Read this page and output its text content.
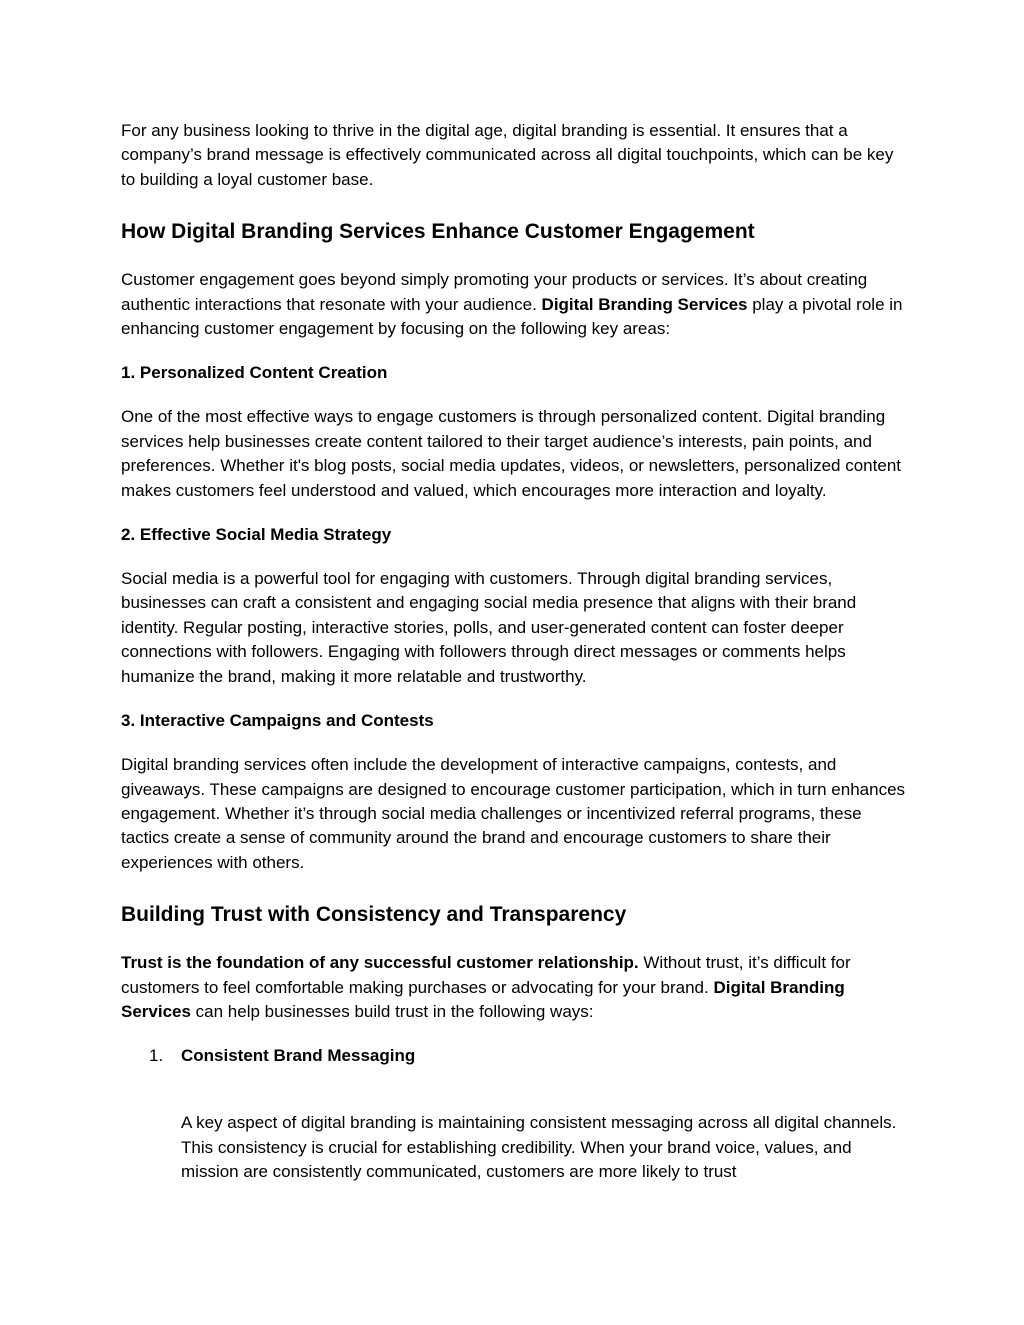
For any business looking to thrive in the digital age, digital branding is essential. It ensures that a company’s brand message is effectively communicated across all digital touchpoints, which can be key to building a loyal customer base.

How Digital Branding Services Enhance Customer Engagement

Customer engagement goes beyond simply promoting your products or services. It’s about creating authentic interactions that resonate with your audience. Digital Branding Services play a pivotal role in enhancing customer engagement by focusing on the following key areas:

1. Personalized Content Creation

One of the most effective ways to engage customers is through personalized content. Digital branding services help businesses create content tailored to their target audience’s interests, pain points, and preferences. Whether it's blog posts, social media updates, videos, or newsletters, personalized content makes customers feel understood and valued, which encourages more interaction and loyalty.

2. Effective Social Media Strategy

Social media is a powerful tool for engaging with customers. Through digital branding services, businesses can craft a consistent and engaging social media presence that aligns with their brand identity. Regular posting, interactive stories, polls, and user-generated content can foster deeper connections with followers. Engaging with followers through direct messages or comments helps humanize the brand, making it more relatable and trustworthy.

3. Interactive Campaigns and Contests

Digital branding services often include the development of interactive campaigns, contests, and giveaways. These campaigns are designed to encourage customer participation, which in turn enhances engagement. Whether it’s through social media challenges or incentivized referral programs, these tactics create a sense of community around the brand and encourage customers to share their experiences with others.

Building Trust with Consistency and Transparency

Trust is the foundation of any successful customer relationship. Without trust, it’s difficult for customers to feel comfortable making purchases or advocating for your brand. Digital Branding Services can help businesses build trust in the following ways:

1. Consistent Brand Messaging

A key aspect of digital branding is maintaining consistent messaging across all digital channels. This consistency is crucial for establishing credibility. When your brand voice, values, and mission are consistently communicated, customers are more likely to trust
